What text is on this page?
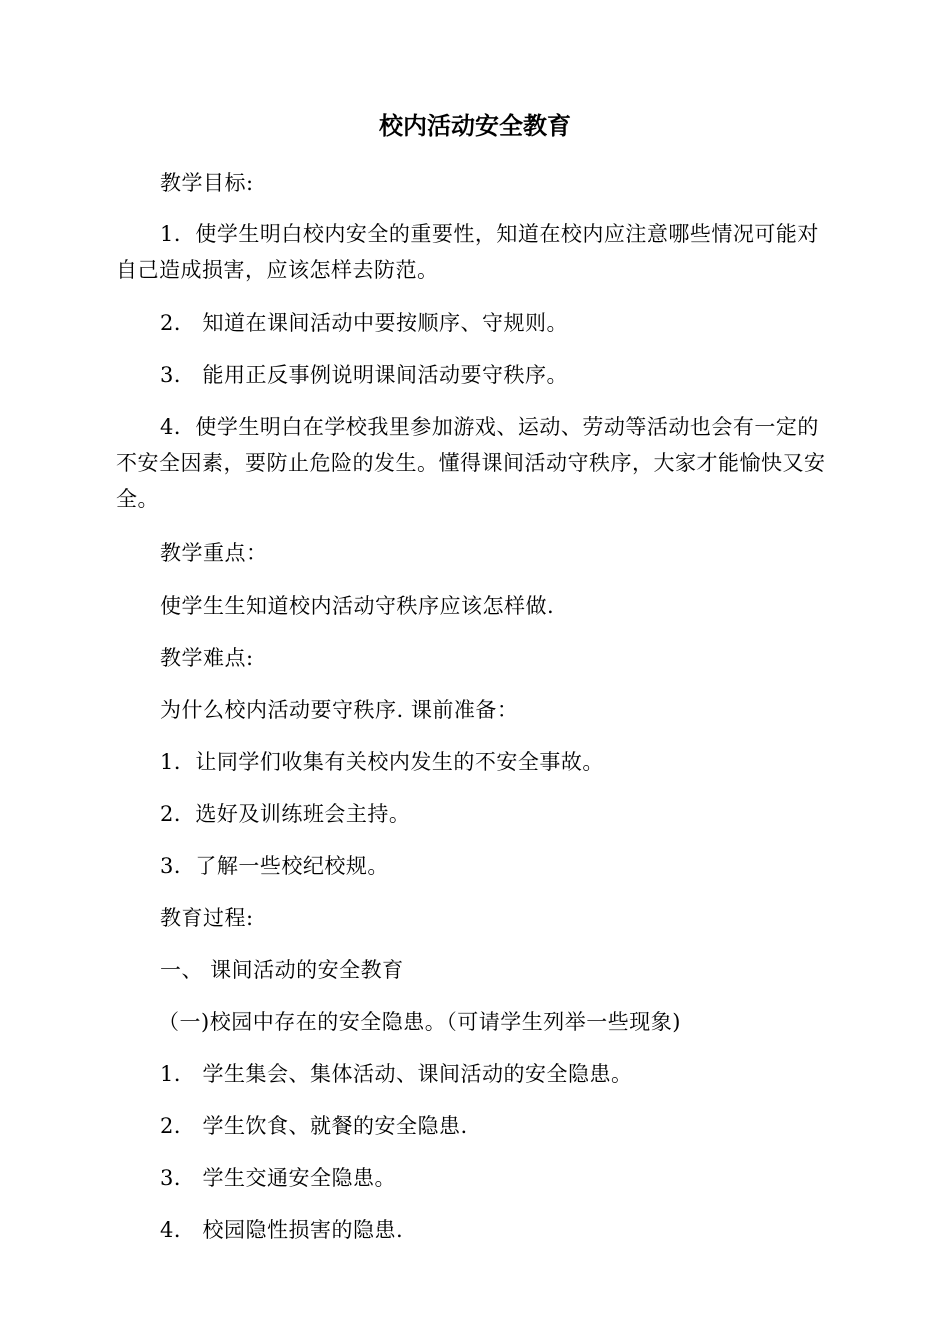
校内活动安全教育
教学目标:
1．使学生明白校内安全的重要性，知道在校内应注意哪些情况可能对自己造成损害，应该怎样去防范。
2． 知道在课间活动中要按顺序、守规则。
3． 能用正反事例说明课间活动要守秩序。
4．使学生明白在学校我里参加游戏、运动、劳动等活动也会有一定的不安全因素，要防止危险的发生。懂得课间活动守秩序，大家才能愉快又安全。
教学重点：
使学生生知道校内活动守秩序应该怎样做.
教学难点:
为什么校内活动要守秩序. 课前准备：
1．让同学们收集有关校内发生的不安全事故。
2．选好及训练班会主持。
3．了解一些校纪校规。
教育过程:
一、 课间活动的安全教育
（一)校园中存在的安全隐患。（可请学生列举一些现象)
1． 学生集会、集体活动、课间活动的安全隐患。
2． 学生饮食、就餐的安全隐患.
3． 学生交通安全隐患。
4． 校园隐性损害的隐患.
